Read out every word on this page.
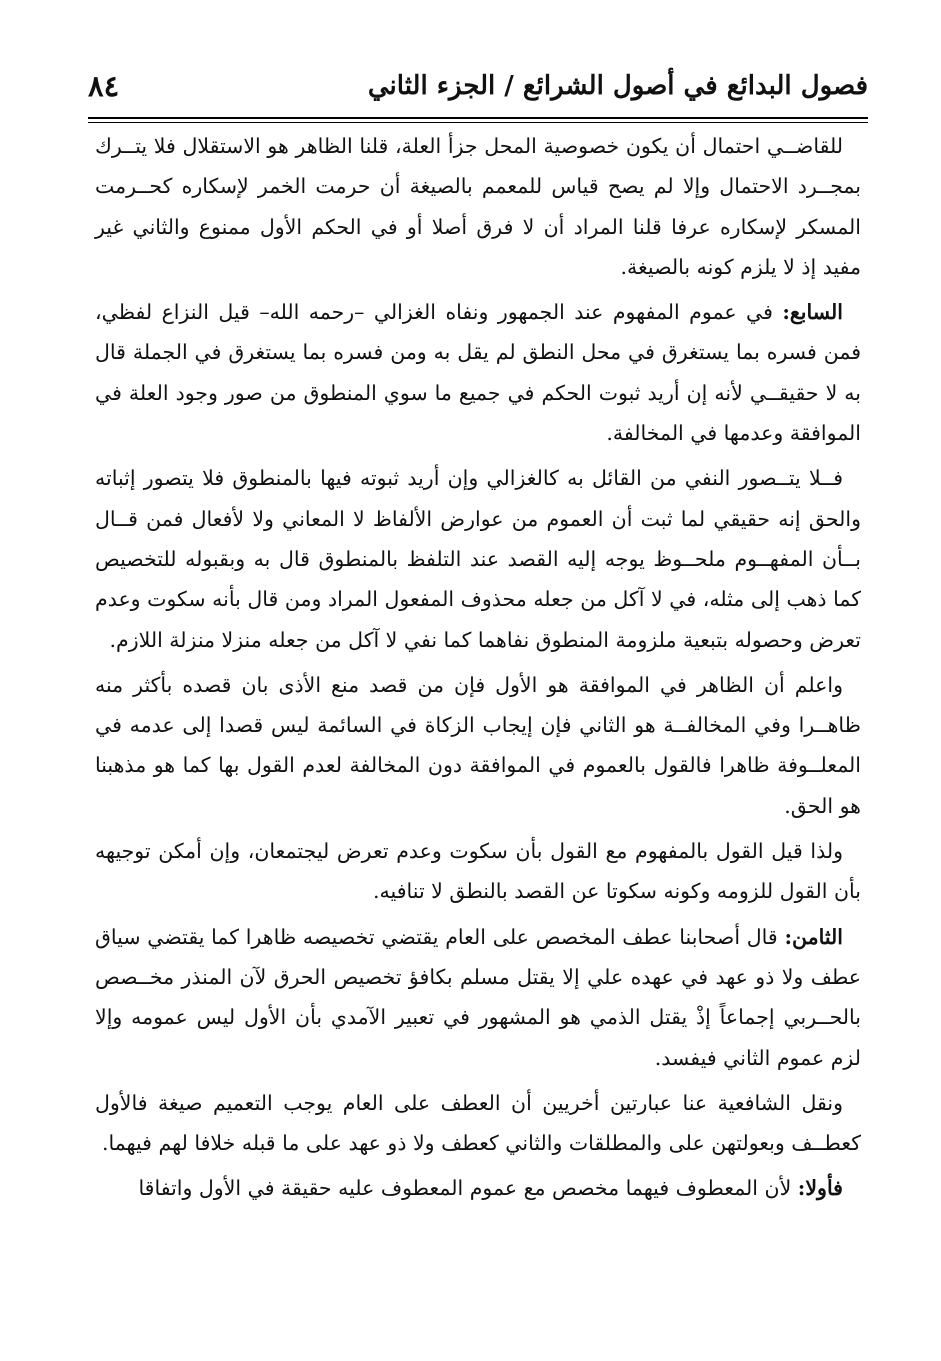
فصول البدائع في أصول الشرائع / الجزء الثاني
٨٤

للقاضــي احتمال أن يكون خصوصية المحل جزأ العلة، قلنا الظاهر هو الاستقلال فلا يتــرك بمجــرد الاحتمال وإلا لم يصح قياس للمعمم بالصيغة أن حرمت الخمر لإسكاره كحــرمت المسكر لإسكاره عرفا قلنا المراد أن لا فرق أصلا أو في الحكم الأول ممنوع والثاني غير مفيد إذ لا يلزم كونه بالصيغة.

السابع: في عموم المفهوم عند الجمهور ونفاه الغزالي –رحمه الله– قيل النزاع لفظي، فمن فسره بما يستغرق في محل النطق لم يقل به ومن فسره بما يستغرق في الجملة قال به لا حقيقــي لأنه إن أريد ثبوت الحكم في جميع ما سوي المنطوق من صور وجود العلة في الموافقة وعدمها في المخالفة.

فــلا يتــصور النفي من القائل به كالغزالي وإن أريد ثبوته فيها بالمنطوق فلا يتصور إثباته والحق إنه حقيقي لما ثبت أن العموم من عوارض الألفاظ لا المعاني ولا لأفعال فمن قــال بــأن المفهــوم ملحــوظ يوجه إليه القصد عند التلفظ بالمنطوق قال به وبقبوله للتخصيص كما ذهب إلى مثله، في لا آكل من جعله محذوف المفعول المراد ومن قال بأنه سكوت وعدم تعرض وحصوله بتبعية ملزومة المنطوق نفاهما كما نفي لا آكل من جعله منزلا منزلة اللازم.

واعلم أن الظاهر في الموافقة هو الأول فإن من قصد منع الأذى بان قصده بأكثر منه ظاهــرا وفي المخالفــة هو الثاني فإن إيجاب الزكاة في السائمة ليس قصدا إلى عدمه في المعلــوفة ظاهرا فالقول بالعموم في الموافقة دون المخالفة لعدم القول بها كما هو مذهبنا هو الحق.

ولذا قيل القول بالمفهوم مع القول بأن سكوت وعدم تعرض ليجتمعان، وإن أمكن توجيهه بأن القول للزومه وكونه سكوتا عن القصد بالنطق لا تنافيه.

الثامن: قال أصحابنا عطف المخصص على العام يقتضي تخصيصه ظاهرا كما يقتضي سياق عطف ولا ذو عهد في عهده علي إلا يقتل مسلم بكافؤ تخصيص الحرق لآن المنذر مخــصص بالحــربي إجماعاً إذْ يقتل الذمي هو المشهور في تعبير الآمدي بأن الأول ليس عمومه وإلا لزم عموم الثاني فيفسد.

ونقل الشافعية عنا عبارتين أخريين أن العطف على العام يوجب التعميم صيغة فالأول كعطــف وبعولتهن على والمطلقات والثاني كعطف ولا ذو عهد على ما قبله خلافا لهم فيهما.

فأولا: لأن المعطوف فيهما مخصص مع عموم المعطوف عليه حقيقة في الأول واتفاقا
